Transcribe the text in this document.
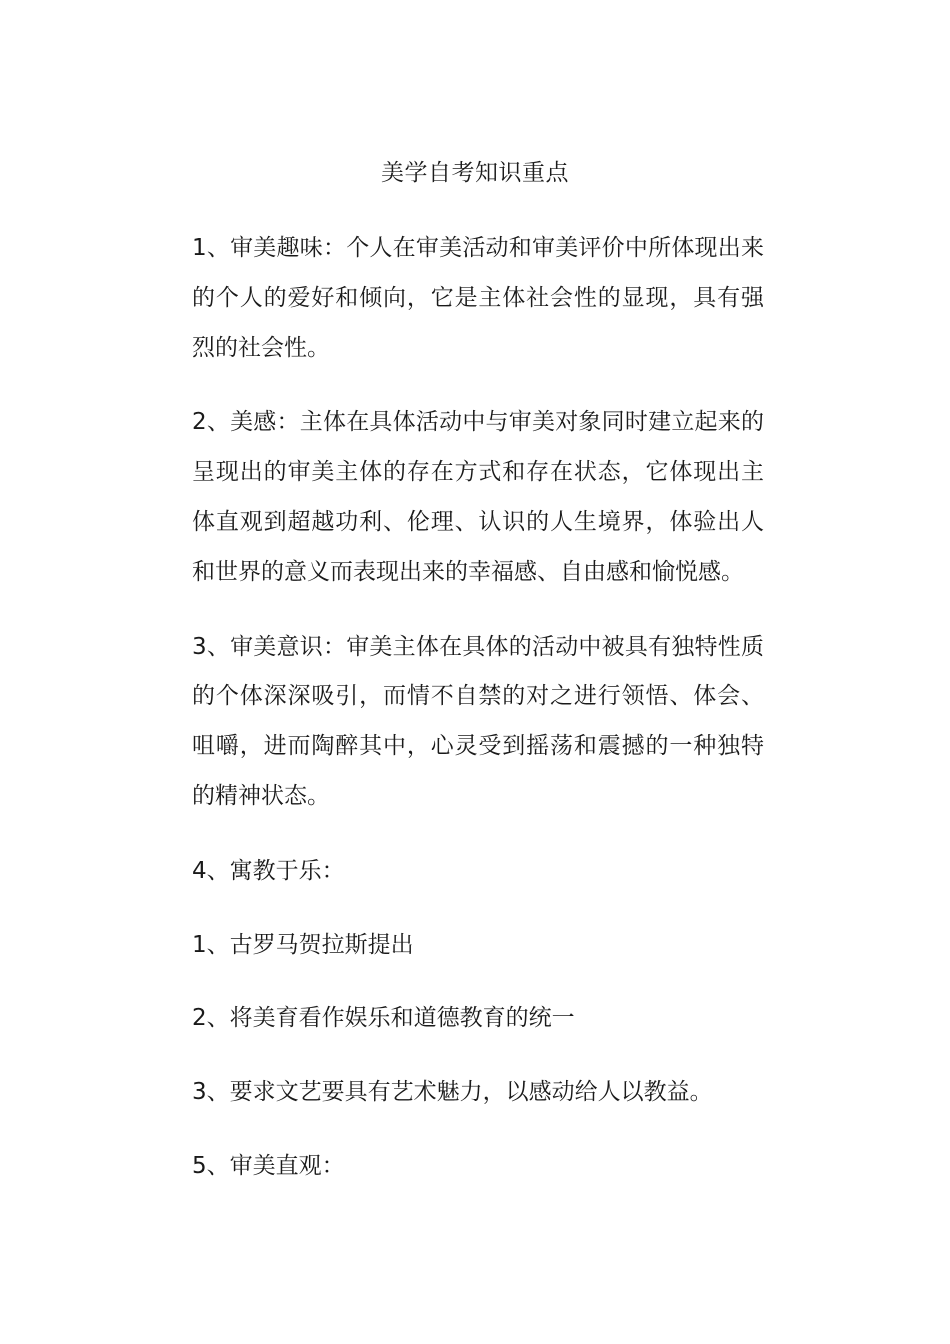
美学自考知识重点

1、审美趣味：个人在审美活动和审美评价中所体现出来的个人的爱好和倾向，它是主体社会性的显现，具有强烈的社会性。

2、美感：主体在具体活动中与审美对象同时建立起来的呈现出的审美主体的存在方式和存在状态，它体现出主体直观到超越功利、伦理、认识的人生境界，体验出人和世界的意义而表现出来的幸福感、自由感和愉悦感。

3、审美意识：审美主体在具体的活动中被具有独特性质的个体深深吸引，而情不自禁的对之进行领悟、体会、咀嚼，进而陶醉其中，心灵受到摇荡和震撼的一种独特的精神状态。

4、寓教于乐：

1、古罗马贺拉斯提出

2、将美育看作娱乐和道德教育的统一

3、要求文艺要具有艺术魅力，以感动给人以教益。

5、审美直观：
